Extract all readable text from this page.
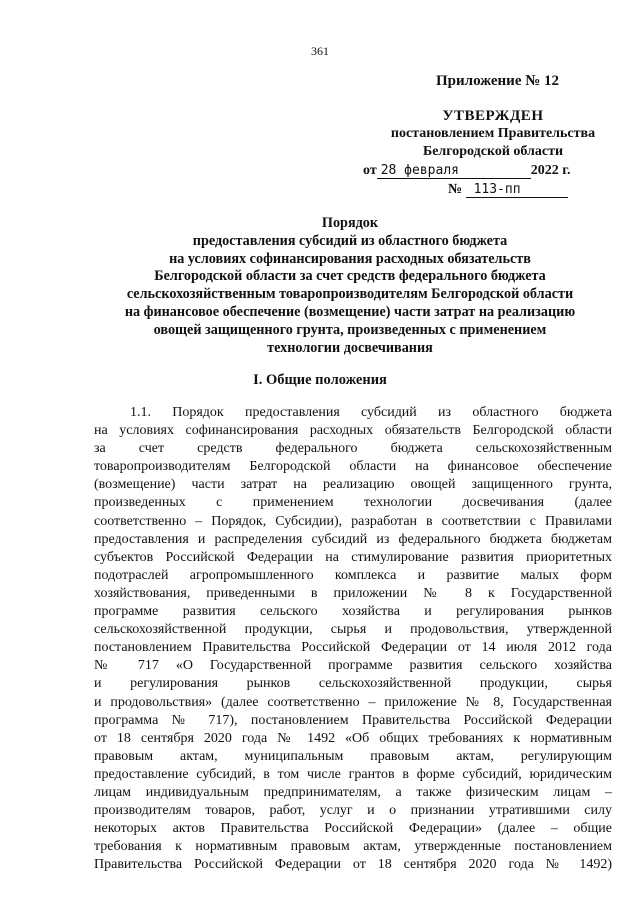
361
Приложение № 12
УТВЕРЖДЕН
постановлением Правительства
Белгородской области
от 28 февраля	2022 г.
№ 113-пп
Порядок
предоставления субсидий из областного бюджета
на условиях софинансирования расходных обязательств
Белгородской области за счет средств федерального бюджета
сельскохозяйственным товаропроизводителям Белгородской области
на финансовое обеспечение (возмещение) части затрат на реализацию
овощей защищенного грунта, произведенных с применением
технологии досвечивания
I. Общие положения
1.1. Порядок предоставления субсидий из областного бюджета
на условиях софинансирования расходных обязательств Белгородской области
за счет средств федерального бюджета сельскохозяйственным
товаропроизводителям Белгородской области на финансовое обеспечение
(возмещение) части затрат на реализацию овощей защищенного грунта,
произведенных с применением технологии досвечивания (далее
соответственно – Порядок, Субсидии), разработан в соответствии с Правилами
предоставления и распределения субсидий из федерального бюджета бюджетам
субъектов Российской Федерации на стимулирование развития приоритетных
подотраслей агропромышленного комплекса и развитие малых форм
хозяйствования, приведенными в приложении № 8 к Государственной
программе развития сельского хозяйства и регулирования рынков
сельскохозяйственной продукции, сырья и продовольствия, утвержденной
постановлением Правительства Российской Федерации от 14 июля 2012 года
№ 717 «О Государственной программе развития сельского хозяйства
и регулирования рынков сельскохозяйственной продукции, сырья
и продовольствия» (далее соответственно – приложение № 8, Государственная
программа № 717), постановлением Правительства Российской Федерации
от 18 сентября 2020 года № 1492 «Об общих требованиях к нормативным
правовым актам, муниципальным правовым актам, регулирующим
предоставление субсидий, в том числе грантов в форме субсидий, юридическим
лицам индивидуальным предпринимателям, а также физическим лицам –
производителям товаров, работ, услуг и о признании утратившими силу
некоторых актов Правительства Российской Федерации» (далее – общие
требования к нормативным правовым актам, утвержденные постановлением
Правительства Российской Федерации от 18 сентября 2020 года № 1492)
